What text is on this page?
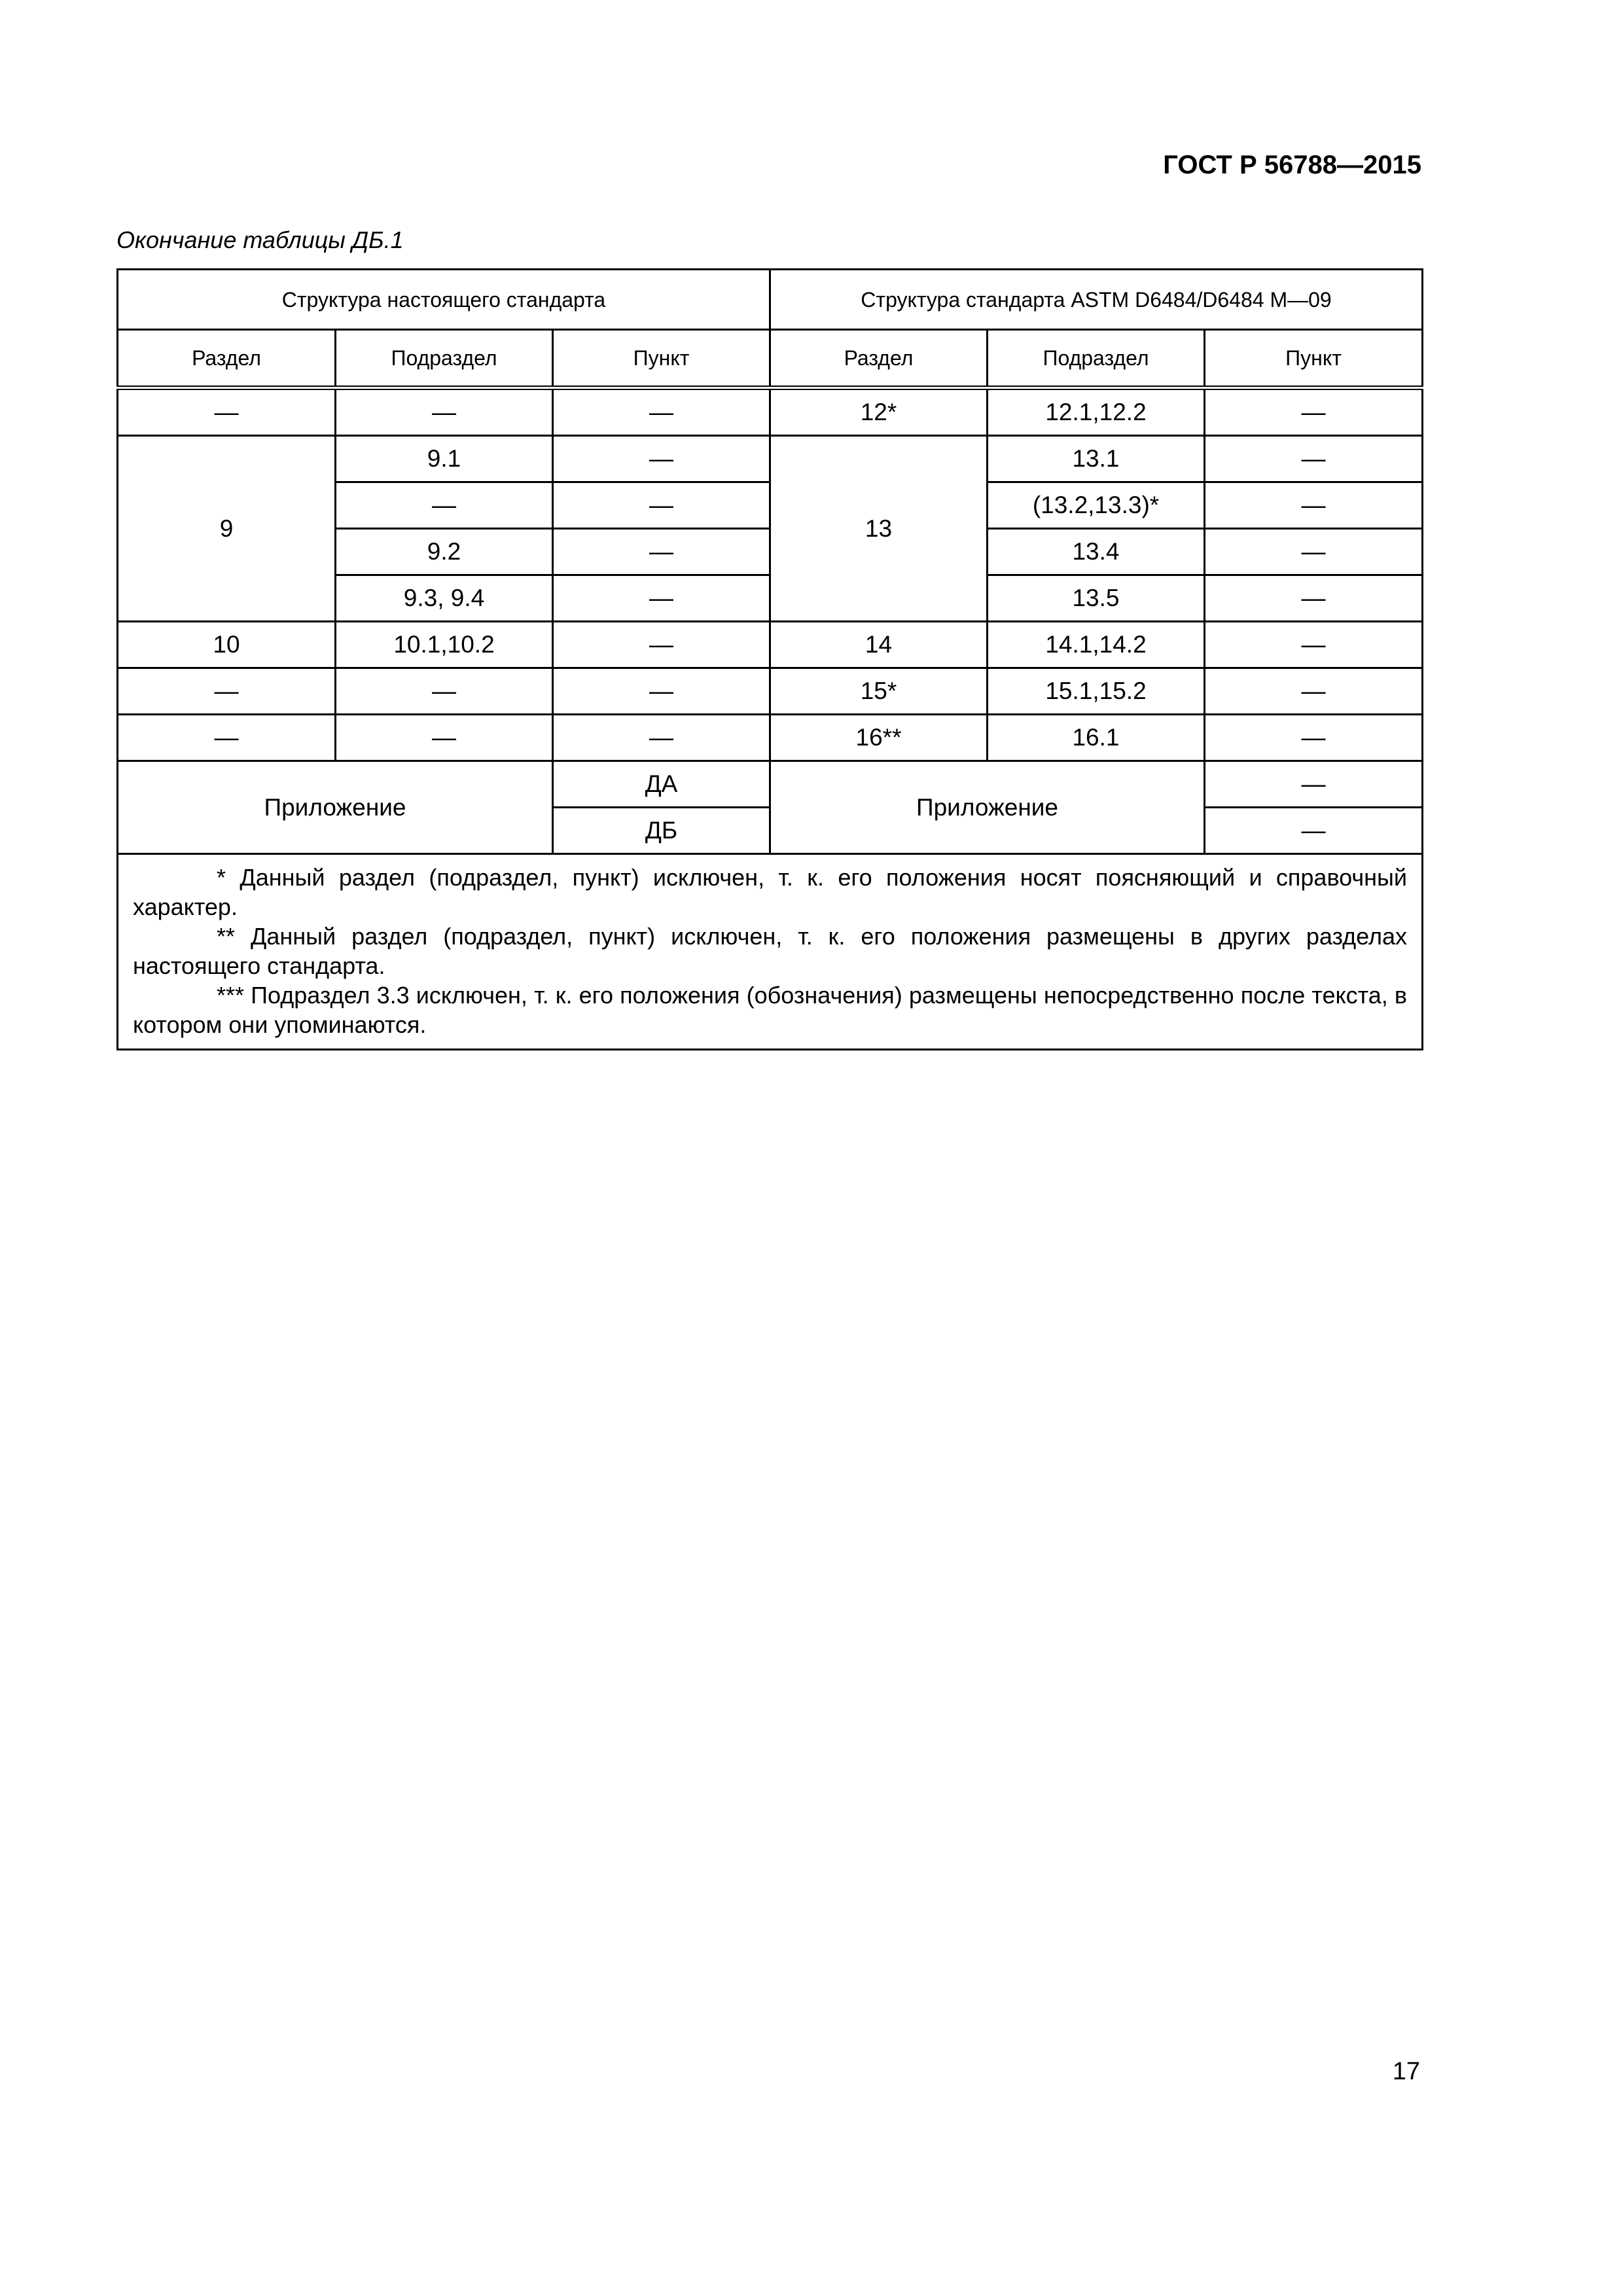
ГОСТ Р 56788—2015
Окончание таблицы ДБ.1
Структура настоящего стандарта			Структура стандарта ASTM D6484/D6484 M—09		
Раздел	Подраздел	Пункт	Раздел	Подраздел	Пункт
—	—	—	12*	12.1,12.2	—
9	9.1	—	13	13.1	—
	—	—		(13.2,13.3)*	—
	9.2	—		13.4	—
	9.3, 9.4	—		13.5	—
10	10.1,10.2	—	14	14.1,14.2	—
—	—	—	15*	15.1,15.2	—
—	—	—	16**	16.1	—
Приложение		ДА	Приложение		—
		ДБ			—

* Данный раздел (подраздел, пункт) исключен, т. к. его положения носят поясняющий и справочный характер.
** Данный раздел (подраздел, пункт) исключен, т. к. его положения размещены в других разделах настоящего стандарта.
*** Подраздел 3.3 исключен, т. к. его положения (обозначения) размещены непосредственно после текста, в котором они упоминаются.					
17
